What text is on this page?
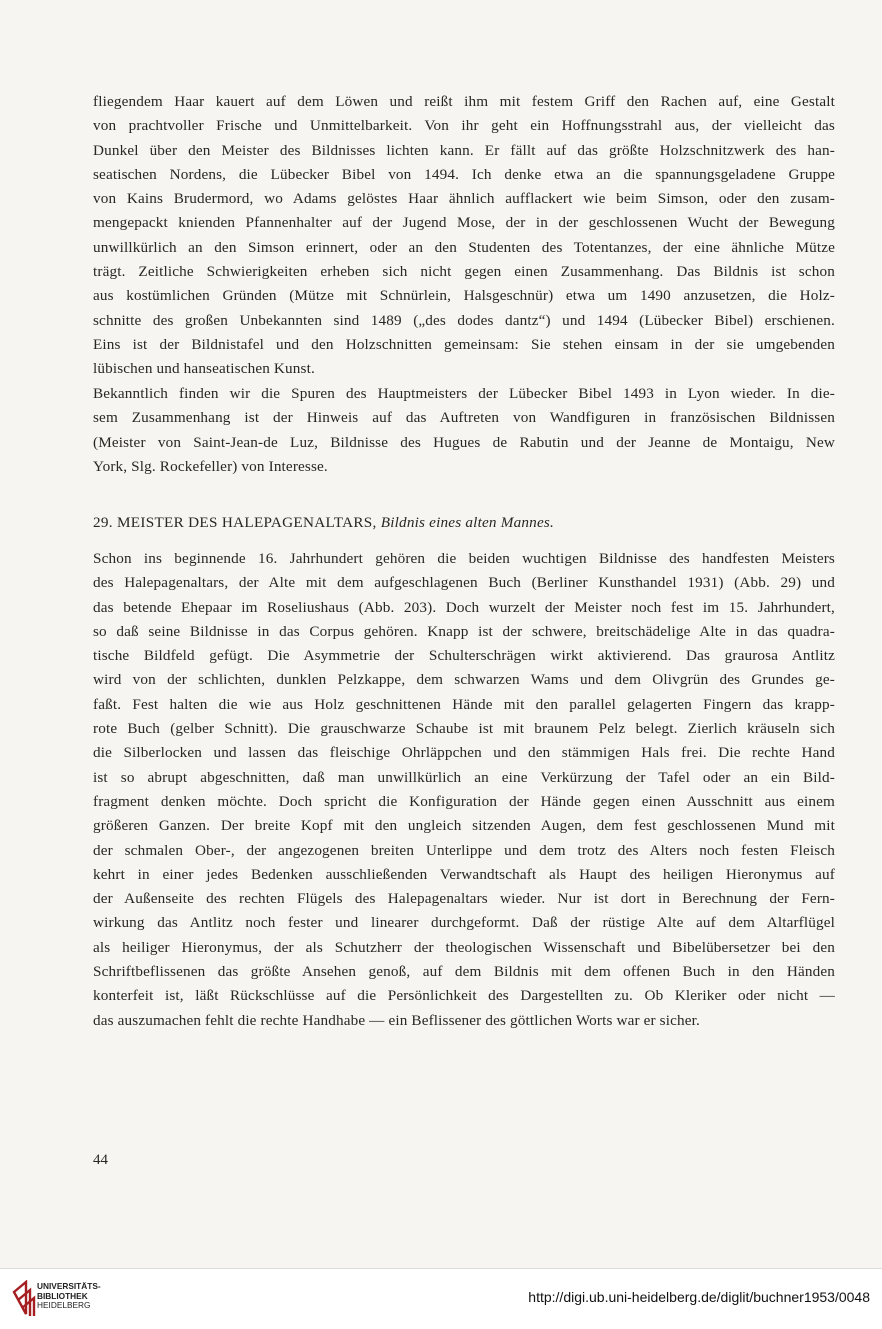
fliegendem Haar kauert auf dem Löwen und reißt ihm mit festem Griff den Rachen auf, eine Gestalt
von prachtvoller Frische und Unmittelbarkeit. Von ihr geht ein Hoffnungsstrahl aus, der vielleicht das
Dunkel über den Meister des Bildnisses lichten kann. Er fällt auf das größte Holzschnitzwerk des han-
seatischen Nordens, die Lübecker Bibel von 1494. Ich denke etwa an die spannungsgeladene Gruppe
von Kains Brudermord, wo Adams gelöstes Haar ähnlich aufflackert wie beim Simson, oder den zusam-
mengepackt knienden Pfannenhalter auf der Jugend Mose, der in der geschlossenen Wucht der Bewegung
unwillkürlich an den Simson erinnert, oder an den Studenten des Totentanzes, der eine ähnliche Mütze
trägt. Zeitliche Schwierigkeiten erheben sich nicht gegen einen Zusammenhang. Das Bildnis ist schon
aus kostümlichen Gründen (Mütze mit Schnürlein, Halsgeschnür) etwa um 1490 anzusetzen, die Holz-
schnitte des großen Unbekannten sind 1489 („des dodes dantz“) und 1494 (Lübecker Bibel) erschienen.
Eins ist der Bildnistafel und den Holzschnitten gemeinsam: Sie stehen einsam in der sie umgebenden
lübischen und hanseatischen Kunst.
Bekanntlich finden wir die Spuren des Hauptmeisters der Lübecker Bibel 1493 in Lyon wieder. In die-
sem Zusammenhang ist der Hinweis auf das Auftreten von Wandfiguren in französischen Bildnissen
(Meister von Saint-Jean-de Luz, Bildnisse des Hugues de Rabutin und der Jeanne de Montaigu, New
York, Slg. Rockefeller) von Interesse.
29. MEISTER DES HALEPAGENALTARS, Bildnis eines alten Mannes.
Schon ins beginnende 16. Jahrhundert gehören die beiden wuchtigen Bildnisse des handfesten Meisters
des Halepagenaltars, der Alte mit dem aufgeschlagenen Buch (Berliner Kunsthandel 1931) (Abb. 29) und
das betende Ehepaar im Roseliushaus (Abb. 203). Doch wurzelt der Meister noch fest im 15. Jahrhundert,
so daß seine Bildnisse in das Corpus gehören. Knapp ist der schwere, breitschädelige Alte in das quadra-
tische Bildfeld gefügt. Die Asymmetrie der Schulterschrägen wirkt aktivierend. Das graurosa Antlitz
wird von der schlichten, dunklen Pelzkappe, dem schwarzen Wams und dem Olivgrün des Grundes ge-
faßt. Fest halten die wie aus Holz geschnittenen Hände mit den parallel gelagerten Fingern das krapp-
rote Buch (gelber Schnitt). Die grauschwarze Schaube ist mit braunem Pelz belegt. Zierlich kräuseln sich
die Silberlocken und lassen das fleischige Ohrläppchen und den stämmigen Hals frei. Die rechte Hand
ist so abrupt abgeschnitten, daß man unwillkürlich an eine Verkürzung der Tafel oder an ein Bild-
fragment denken möchte. Doch spricht die Konfiguration der Hände gegen einen Ausschnitt aus einem
größeren Ganzen. Der breite Kopf mit den ungleich sitzenden Augen, dem fest geschlossenen Mund mit
der schmalen Ober-, der angezogenen breiten Unterlippe und dem trotz des Alters noch festen Fleisch
kehrt in einer jedes Bedenken ausschließenden Verwandtschaft als Haupt des heiligen Hieronymus auf
der Außenseite des rechten Flügels des Halepagenaltars wieder. Nur ist dort in Berechnung der Fern-
wirkung das Antlitz noch fester und linearer durchgeformt. Daß der rüstige Alte auf dem Altarflügel
als heiliger Hieronymus, der als Schutzherr der theologischen Wissenschaft und Bibelübersetzer bei den
Schriftbeflissenen das größte Ansehen genoß, auf dem Bildnis mit dem offenen Buch in den Händen
konterfeit ist, läßt Rückschlüsse auf die Persönlichkeit des Dargestellten zu. Ob Kleriker oder nicht —
das auszumachen fehlt die rechte Handhabe — ein Beflissener des göttlichen Worts war er sicher.
44
UNIVERSITÄTS-
BIBLIOTHEK
HEIDELBERG	http://digi.ub.uni-heidelberg.de/diglit/buchner1953/0048
